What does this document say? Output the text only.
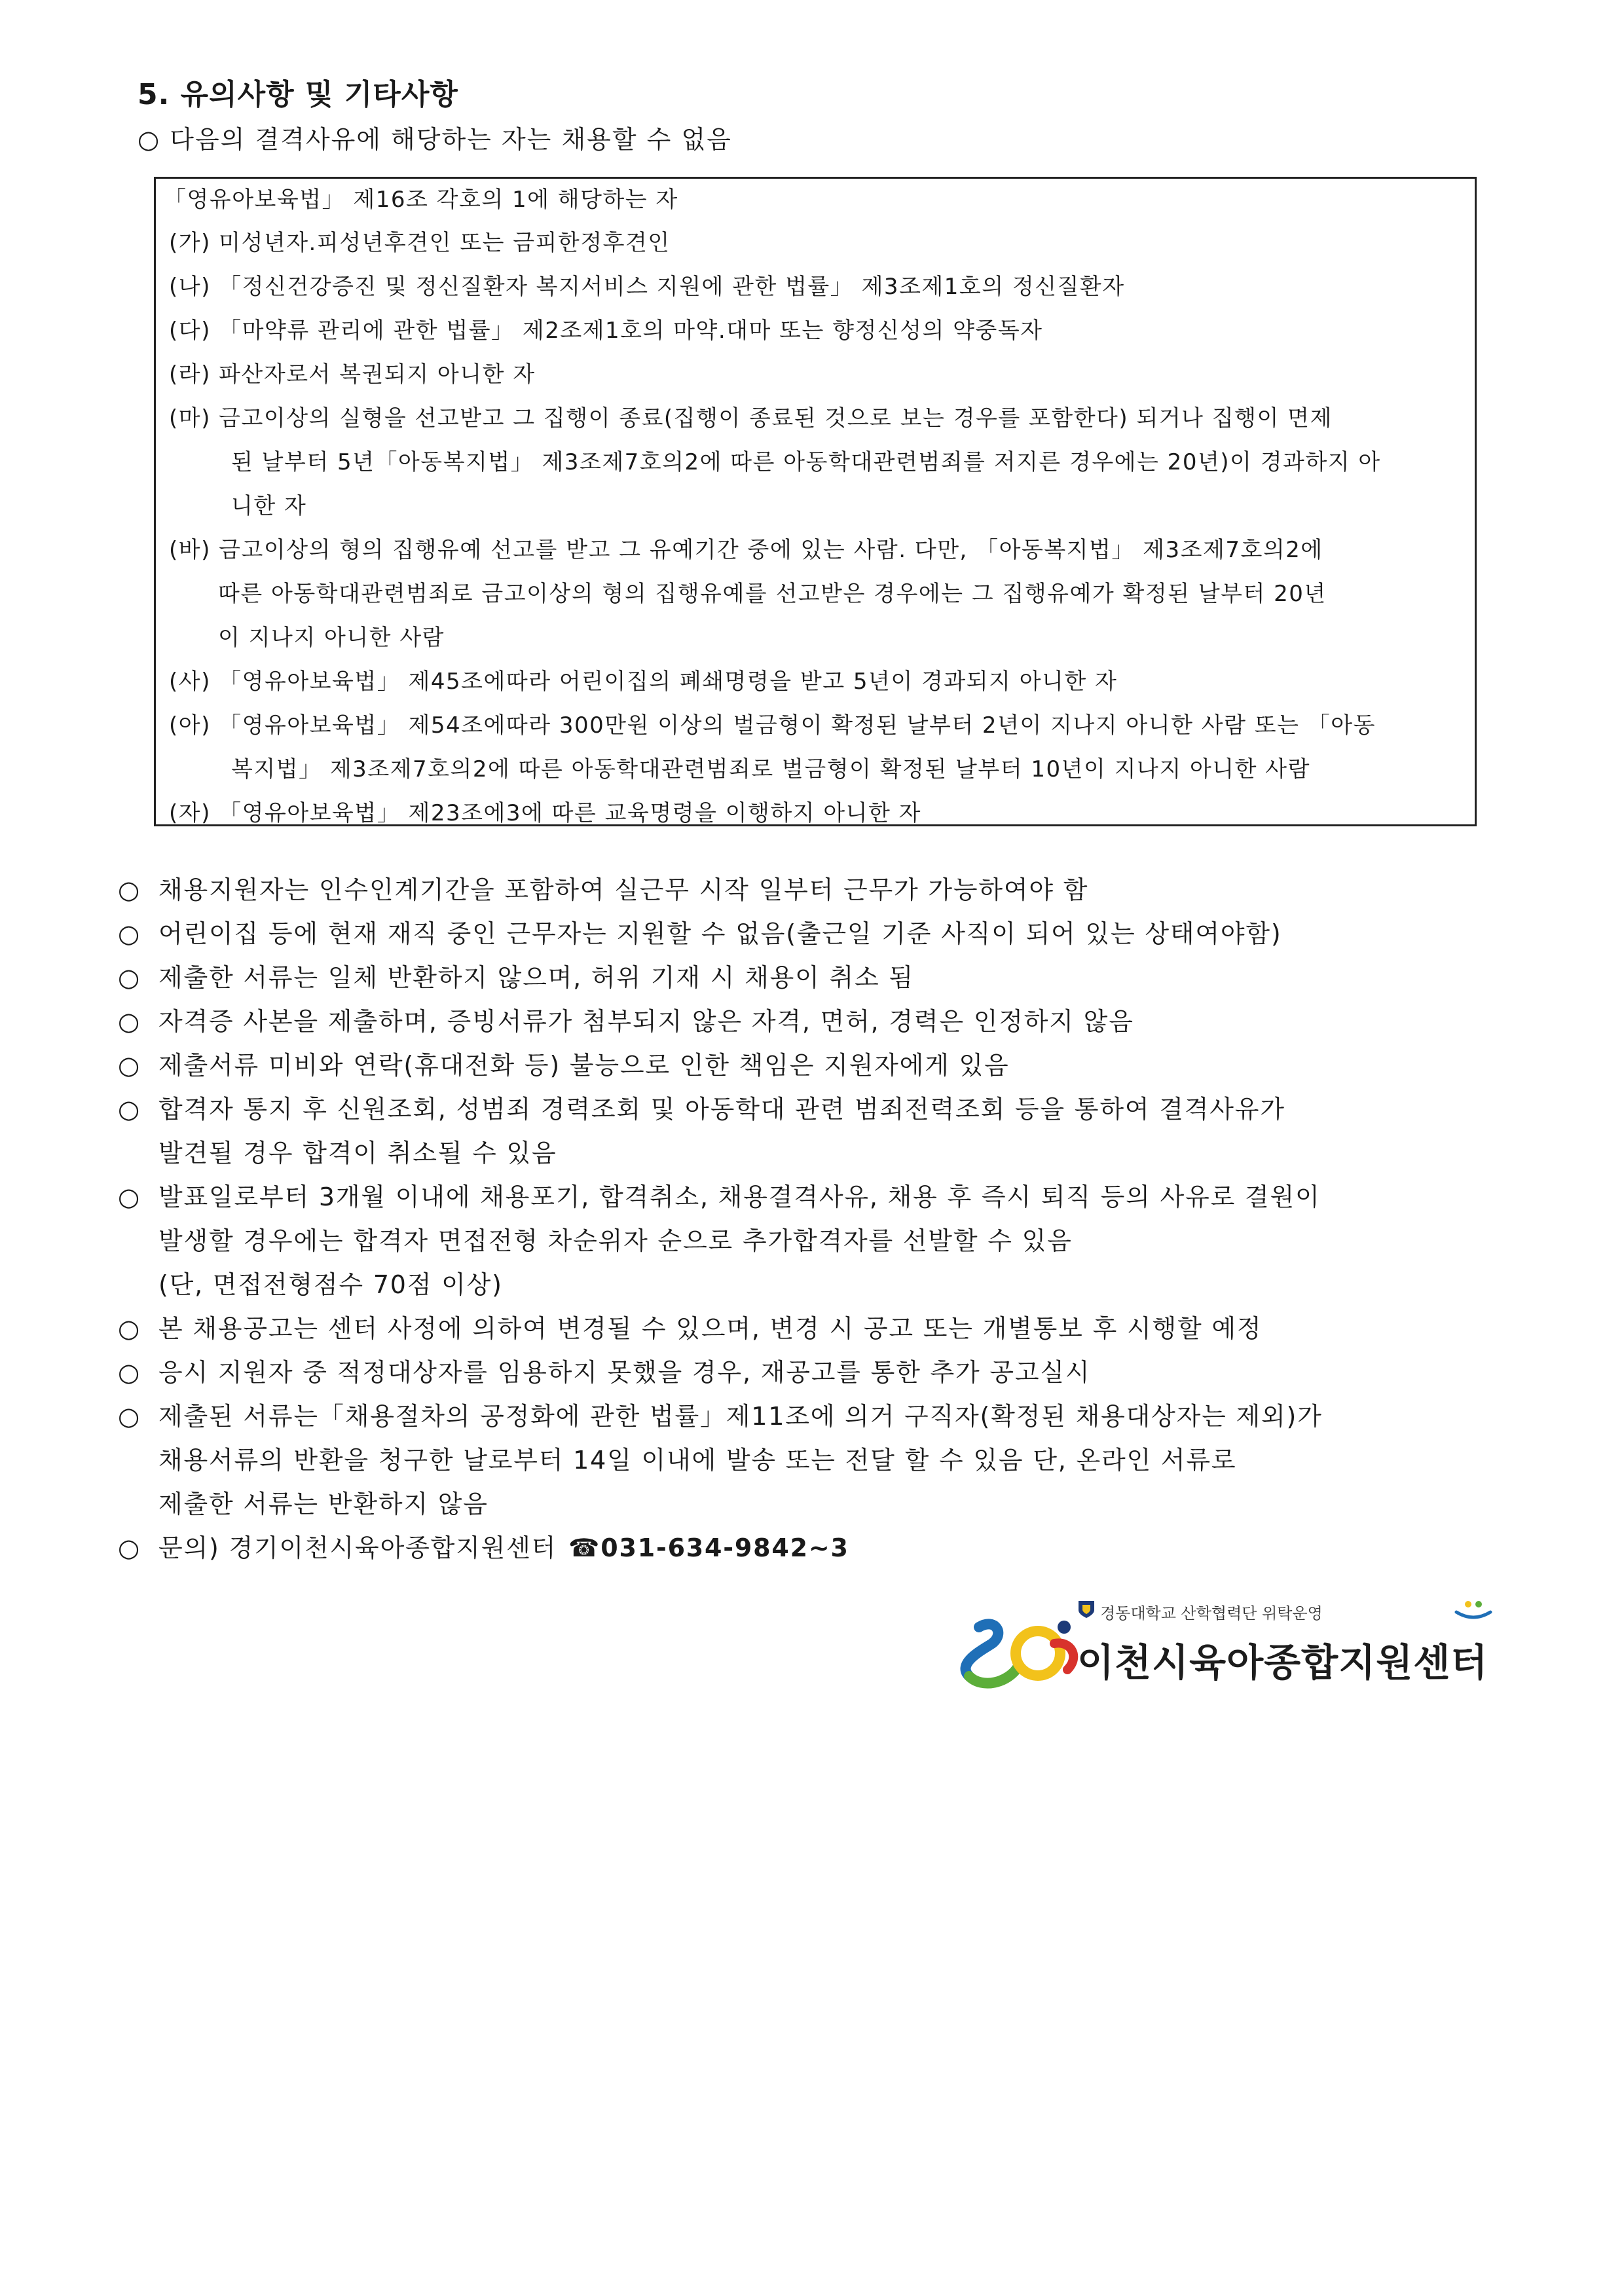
5. 유의사항 및 기타사항
○ 다음의 결격사유에 해당하는 자는 채용할 수 없음
「영유아보육법」 제16조 각호의 1에 해당하는 자
(가) 미성년자.피성년후견인 또는 금피한정후견인
(나) 「정신건강증진 및 정신질환자 복지서비스 지원에 관한 법률」 제3조제1호의 정신질환자
(다) 「마약류 관리에 관한 법률」 제2조제1호의 마약.대마 또는 향정신성의 약중독자
(라) 파산자로서 복권되지 아니한 자
(마) 금고이상의 실형을 선고받고 그 집행이 종료(집행이 종료된 것으로 보는 경우를 포함한다) 되거나 집행이 면제
된 날부터 5년「아동복지법」 제3조제7호의2에 따른 아동학대관련범죄를 저지른 경우에는 20년)이 경과하지 아
니한 자
(바) 금고이상의 형의 집행유예 선고를 받고 그 유예기간 중에 있는 사람. 다만, 「아동복지법」 제3조제7호의2에
따른 아동학대관련범죄로 금고이상의 형의 집행유예를 선고받은 경우에는 그 집행유예가 확정된 날부터 20년
이 지나지 아니한 사람
(사) 「영유아보육법」 제45조에따라 어린이집의 폐쇄명령을 받고 5년이 경과되지 아니한 자
(아) 「영유아보육법」 제54조에따라 300만원 이상의 벌금형이 확정된 날부터 2년이 지나지 아니한 사람 또는 「아동
복지법」 제3조제7호의2에 따른 아동학대관련범죄로 벌금형이 확정된 날부터 10년이 지나지 아니한 사람
(자) 「영유아보육법」 제23조에3에 따른 교육명령을 이행하지 아니한 자
○ 채용지원자는 인수인계기간을 포함하여 실근무 시작 일부터 근무가 가능하여야 함
○ 어린이집 등에 현재 재직 중인 근무자는 지원할 수 없음(출근일 기준 사직이 되어 있는 상태여야함)
○ 제출한 서류는 일체 반환하지 않으며, 허위 기재 시 채용이 취소 됨
○ 자격증 사본을 제출하며, 증빙서류가 첨부되지 않은 자격, 면허, 경력은 인정하지 않음
○ 제출서류 미비와 연락(휴대전화 등) 불능으로 인한 책임은 지원자에게 있음
○ 합격자 통지 후 신원조회, 성범죄 경력조회 및 아동학대 관련 범죄전력조회 등을 통하여 결격사유가
발견될 경우 합격이 취소될 수 있음
○ 발표일로부터 3개월 이내에 채용포기, 합격취소, 채용결격사유, 채용 후 즉시 퇴직 등의 사유로 결원이
발생할 경우에는 합격자 면접전형 차순위자 순으로 추가합격자를 선발할 수 있음
(단, 면접전형점수 70점 이상)
○ 본 채용공고는 센터 사정에 의하여 변경될 수 있으며, 변경 시 공고 또는 개별통보 후 시행할 예정
○ 응시 지원자 중 적정대상자를 임용하지 못했을 경우, 재공고를 통한 추가 공고실시
○ 제출된 서류는「채용절차의 공정화에 관한 법률」제11조에 의거 구직자(확정된 채용대상자는 제외)가
채용서류의 반환을 청구한 날로부터 14일 이내에 발송 또는 전달 할 수 있음 단, 온라인 서류로
제출한 서류는 반환하지 않음
○ 문의) 경기이천시육아종합지원센터 ☎031-634-9842~3
경동대학교 산학협력단 위탁운영
이천시육아종합지원센터
